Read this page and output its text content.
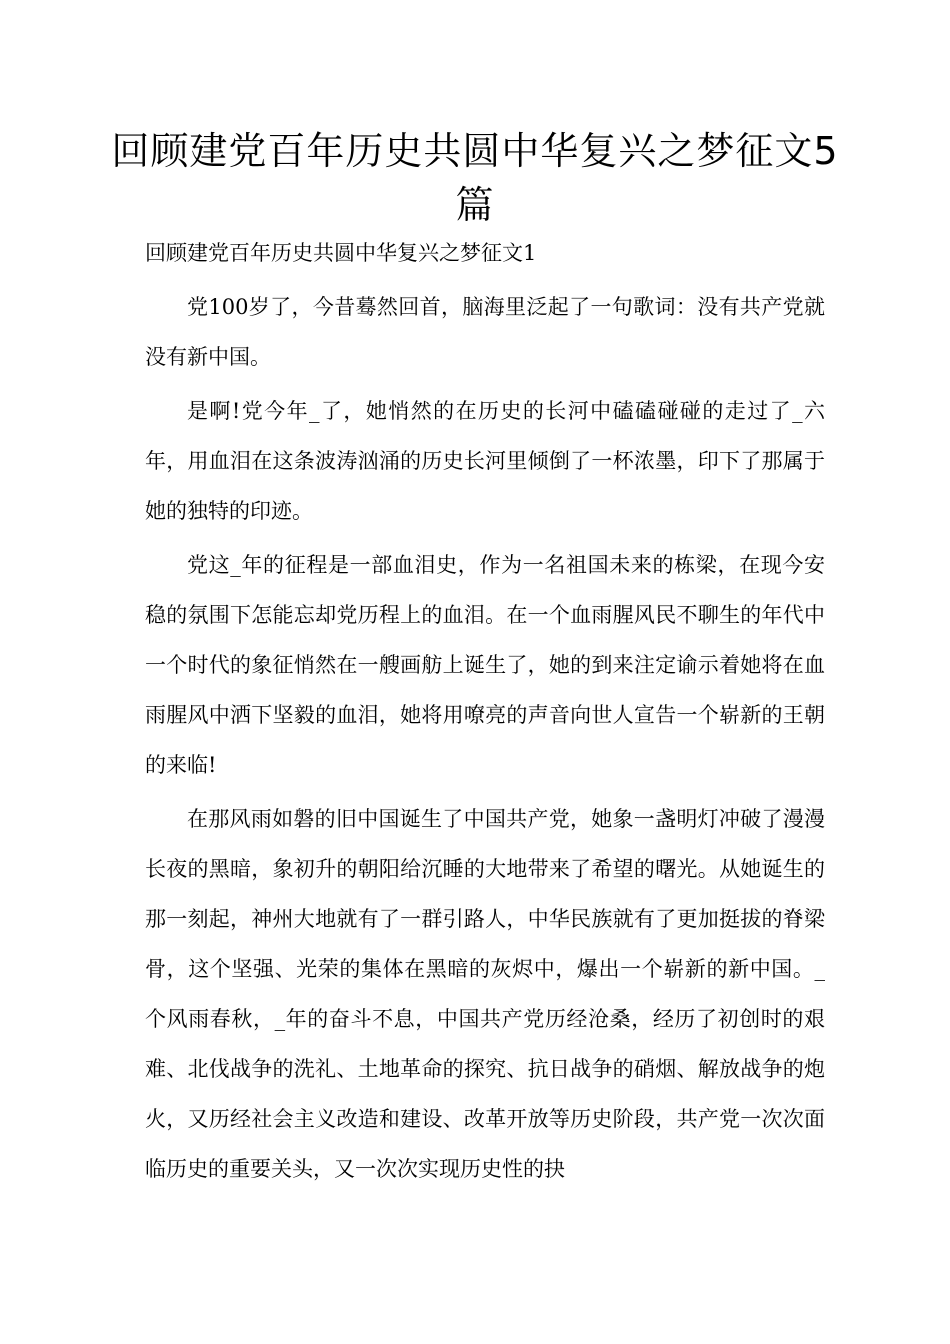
回顾建党百年历史共圆中华复兴之梦征文5篇

回顾建党百年历史共圆中华复兴之梦征文1

党100岁了，今昔蓦然回首，脑海里泛起了一句歌词：没有共产党就没有新中国。

是啊!党今年_了，她悄然的在历史的长河中磕磕碰碰的走过了_六年，用血泪在这条波涛汹涌的历史长河里倾倒了一杯浓墨，印下了那属于她的独特的印迹。

党这_年的征程是一部血泪史，作为一名祖国未来的栋梁，在现今安稳的氛围下怎能忘却党历程上的血泪。在一个血雨腥风民不聊生的年代中一个时代的象征悄然在一艘画舫上诞生了，她的到来注定谕示着她将在血雨腥风中洒下坚毅的血泪，她将用嘹亮的声音向世人宣告一个崭新的王朝的来临!

在那风雨如磐的旧中国诞生了中国共产党，她象一盏明灯冲破了漫漫长夜的黑暗，象初升的朝阳给沉睡的大地带来了希望的曙光。从她诞生的那一刻起，神州大地就有了一群引路人，中华民族就有了更加挺拔的脊梁骨，这个坚强、光荣的集体在黑暗的灰烬中，爆出一个崭新的新中国。_个风雨春秋，_年的奋斗不息，中国共产党历经沧桑，经历了初创时的艰难、北伐战争的洗礼、土地革命的探究、抗日战争的硝烟、解放战争的炮火，又历经社会主义改造和建设、改革开放等历史阶段，共产党一次次面临历史的重要关头，又一次次实现历史性的抉
